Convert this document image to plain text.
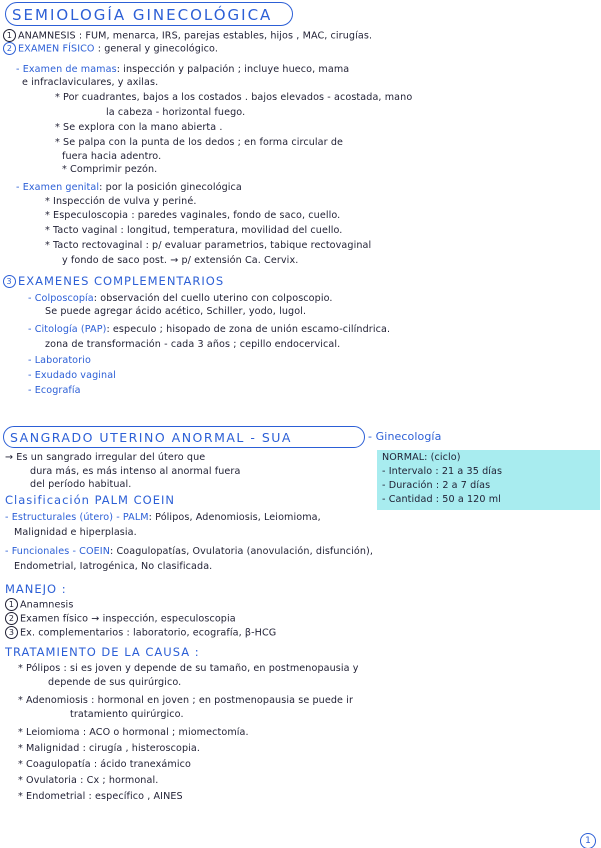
SEMIOLOGÍA GINECOLÓGICA
1 ANAMNESIS : FUM, menarca, IRS, parejas estables, hijos , MAC, cirugías.
2 EXAMEN FÍSICO : general y ginecológico.
- Examen de mamas: inspección y palpación ; incluye hueco, mama
e infraclaviculares, y axilas.
* Por cuadrantes, bajos a los costados . bajos elevados - acostada, mano
la cabeza - horizontal fuego.
* Se explora con la mano abierta .
* Se palpa con la punta de los dedos ; en forma circular de
fuera hacia adentro.
* Comprimir pezón.
- Examen genital: por la posición ginecológica
* Inspección de vulva y periné.
* Especuloscopia : paredes vaginales, fondo de saco, cuello.
* Tacto vaginal : longitud, temperatura, movilidad del cuello.
* Tacto rectovaginal : p/ evaluar parametrios, tabique rectovaginal
y fondo de saco post. → p/ extensión Ca. Cervix.
3 EXAMENES COMPLEMENTARIOS
- Colposcopía: observación del cuello uterino con colposcopio.
Se puede agregar ácido acético, Schiller, yodo, lugol.
- Citología (PAP): especulo ; hisopado de zona de unión escamo-cilíndrica.
zona de transformación - cada 3 años ; cepillo endocervical.
- Laboratorio
- Exudado vaginal
- Ecografía
SANGRADO UTERINO ANORMAL - SUA	- Ginecología
→ Es un sangrado irregular del útero que
dura más, es más intenso al anormal fuera
del período habitual.
NORMAL: (ciclo)
- Intervalo : 21 a 35 días
- Duración : 2 a 7 días
- Cantidad : 50 a 120 ml
Clasificación PALM COEIN
- Estructurales (útero) - PALM: Pólipos, Adenomiosis, Leiomioma,
Malignidad e hiperplasia.
- Funcionales - COEIN: Coagulopatías, Ovulatoria (anovulación, disfunción),
Endometrial, Iatrogénica, No clasificada.
MANEJO :
1 Anamnesis
2 Examen físico → inspección, especuloscopia
3 Ex. complementarios : laboratorio, ecografía, β-HCG
TRATAMIENTO DE LA CAUSA :
* Pólipos : si es joven y depende de su tamaño, en postmenopausia y
depende de sus quirúrgico.
* Adenomiosis : hormonal en joven ; en postmenopausia se puede ir
tratamiento quirúrgico.
* Leiomioma : ACO o hormonal ; miomectomía.
* Malignidad : cirugía , histeroscopia.
* Coagulopatía : ácido tranexámico
* Ovulatoria : Cx ; hormonal.
* Endometrial : específico , AINES
1
